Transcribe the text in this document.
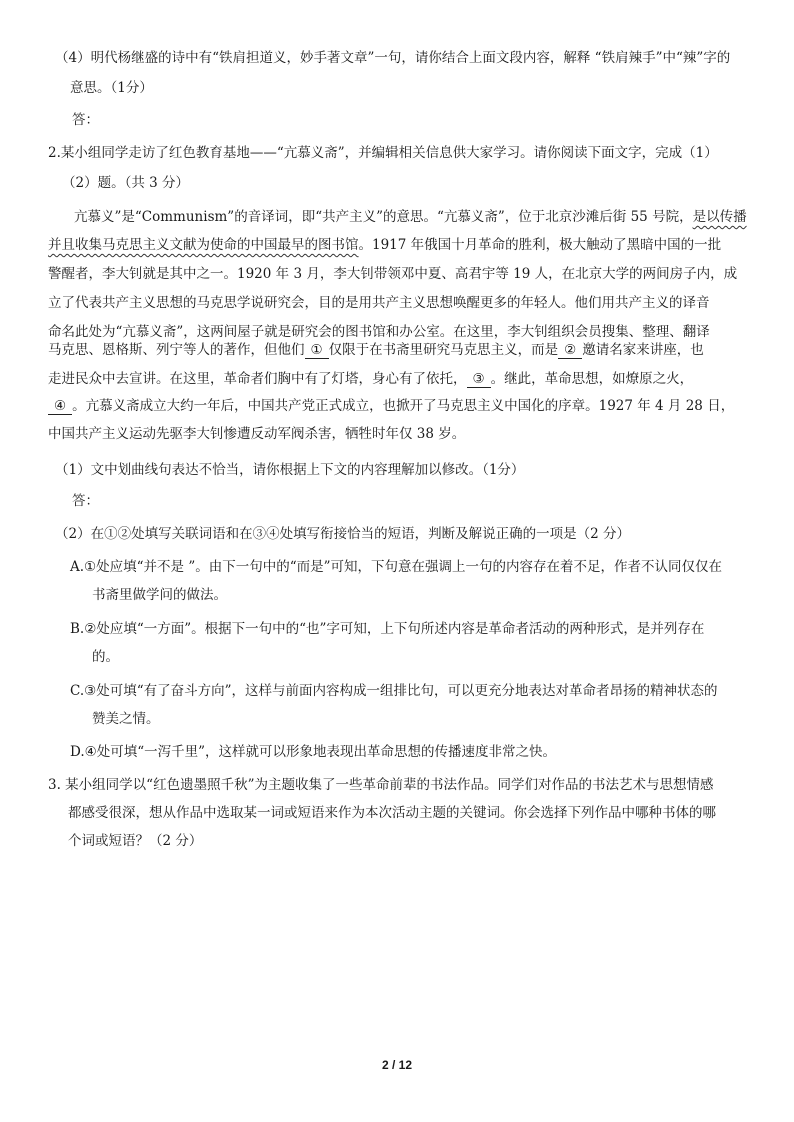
（4）明代杨继盛的诗中有“铁肩担道义，妙手著文章”一句，请你结合上面文段内容，解释 “铁肩辣手”中“辣”字的
意思。（1分）
答：
2.某小组同学走访了红色教育基地——“亢慕义斋”，并编辑相关信息供大家学习。请你阅读下面文字，完成（1）
（2）题。（共 3 分）
亢慕义”是“Communism”的音译词，即“共产主义”的意思。“亢慕义斋”，位于北京沙滩后街 55 号院，是以传播
并且收集马克思主义文献为使命的中国最早的图书馆。1917 年俄国十月革命的胜利，极大触动了黑暗中国的一批
警醒者，李大钊就是其中之一。1920 年 3 月，李大钊带领邓中夏、高君宇等 19 人，在北京大学的两间房子内，成
立了代表共产主义思想的马克思学说研究会，目的是用共产主义思想唤醒更多的年轻人。他们用共产主义的译音
命名此处为“亢慕义斋”，这两间屋子就是研究会的图书馆和办公室。在这里，李大钊组织会员搜集、整理、翻译
马克思、恩格斯、列宁等人的著作，但他们 ① 仅限于在书斋里研究马克思主义，而是 ② 邀请名家来讲座，也
走进民众中去宣讲。在这里，革命者们胸中有了灯塔，身心有了依托， ③ 。继此，革命思想，如燎原之火，
④ 。亢慕义斋成立大约一年后，中国共产党正式成立，也掀开了马克思主义中国化的序章。1927 年 4 月 28 日，
中国共产主义运动先驱李大钊惨遭反动军阀杀害，牺牲时年仅 38 岁。
（1）文中划曲线句表达不恰当，请你根据上下文的内容理解加以修改。（1分）
答：
（2）在①②处填写关联词语和在③④处填写衔接恰当的短语，判断及解说正确的一项是（2 分）
A.①处应填“并不是 ”。由下一句中的“而是”可知，下句意在强调上一句的内容存在着不足，作者不认同仅仅在
书斋里做学问的做法。
B.②处应填“一方面”。根据下一句中的“也”字可知，上下句所述内容是革命者活动的两种形式，是并列存在
的。
C.③处可填“有了奋斗方向”，这样与前面内容构成一组排比句，可以更充分地表达对革命者昂扬的精神状态的
赞美之情。
D.④处可填“一泻千里”，这样就可以形象地表现出革命思想的传播速度非常之快。
3. 某小组同学以“红色遗墨照千秋”为主题收集了一些革命前辈的书法作品。同学们对作品的书法艺术与思想情感
都感受很深，想从作品中选取某一词或短语来作为本次活动主题的关键词。你会选择下列作品中哪种书体的哪
个词或短语？（2 分）
2 / 12
